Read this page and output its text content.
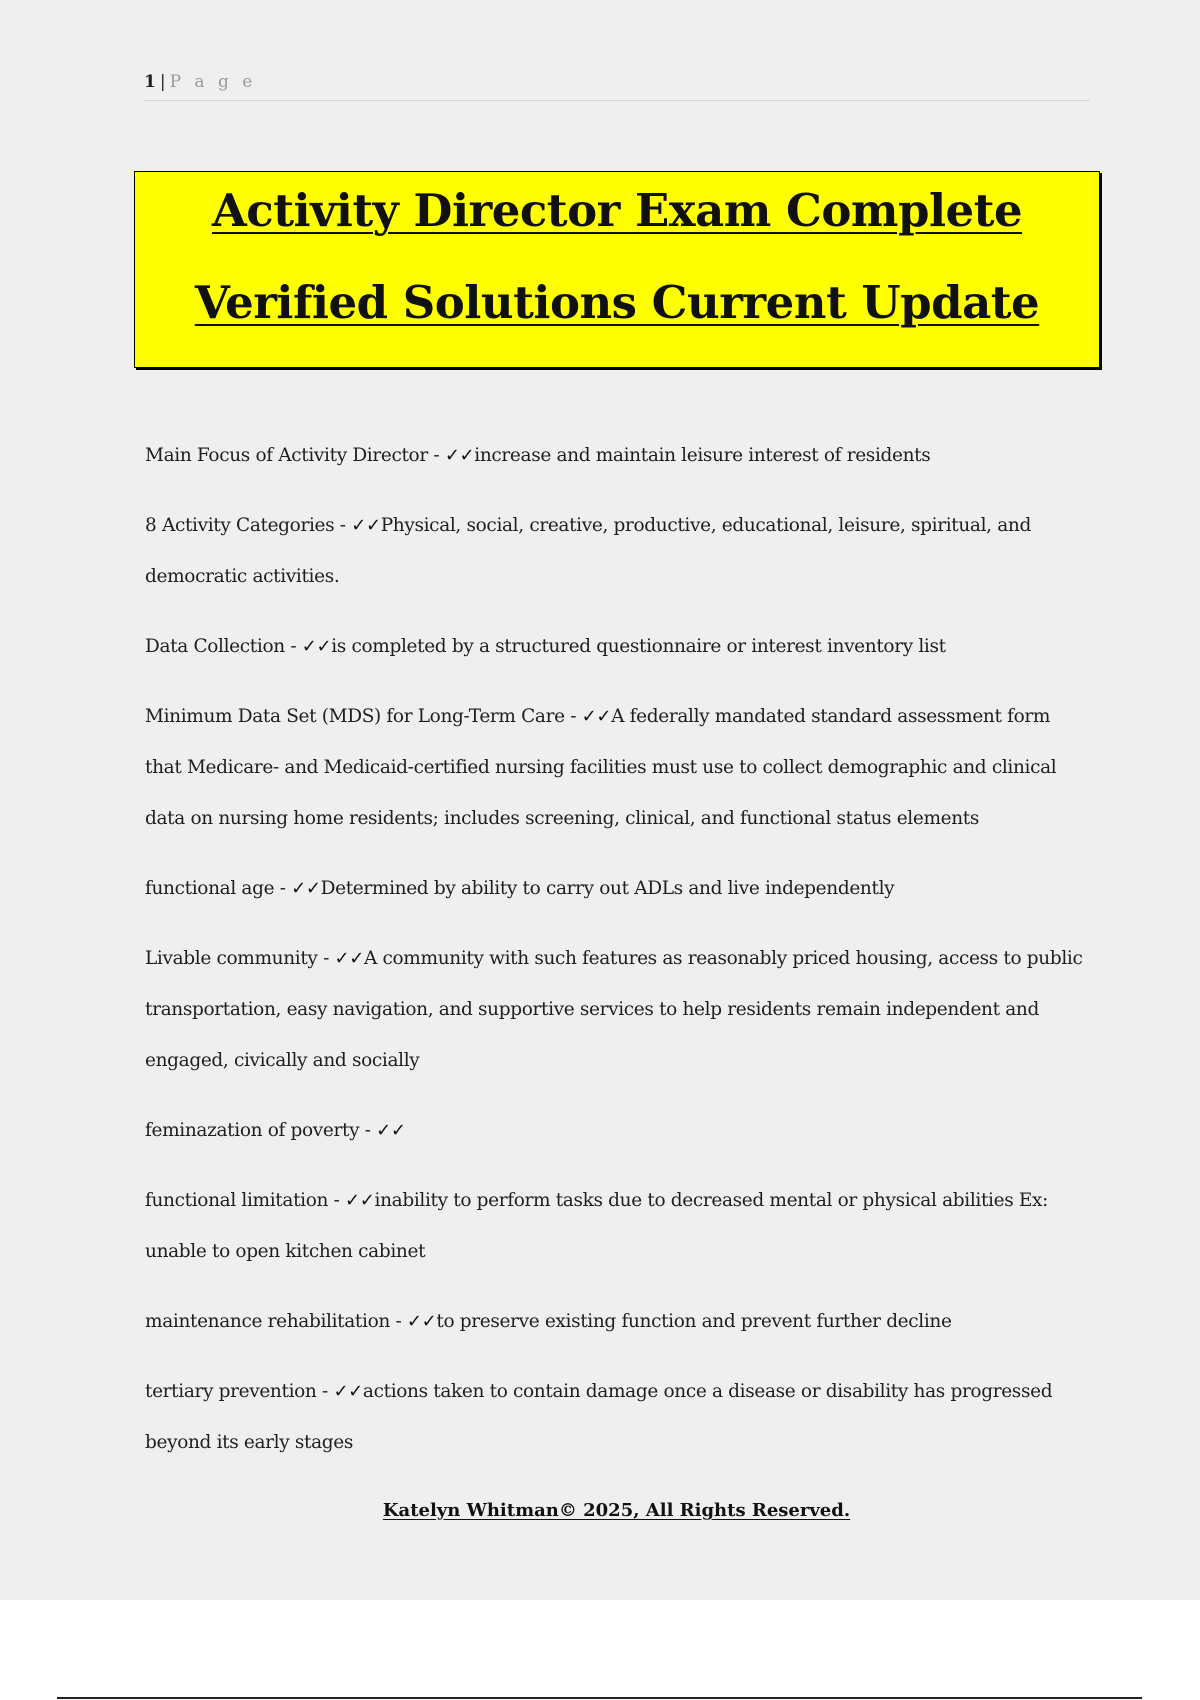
1 | P a g e
Activity Director Exam Complete
Verified Solutions Current Update

Main Focus of Activity Director - ✓✓increase and maintain leisure interest of residents

8 Activity Categories - ✓✓Physical, social, creative, productive, educational, leisure, spiritual, and democratic activities.

Data Collection - ✓✓is completed by a structured questionnaire or interest inventory list

Minimum Data Set (MDS) for Long-Term Care - ✓✓A federally mandated standard assessment form that Medicare- and Medicaid-certified nursing facilities must use to collect demographic and clinical data on nursing home residents; includes screening, clinical, and functional status elements

functional age - ✓✓Determined by ability to carry out ADLs and live independently

Livable community - ✓✓A community with such features as reasonably priced housing, access to public transportation, easy navigation, and supportive services to help residents remain independent and engaged, civically and socially

feminazation of poverty - ✓✓

functional limitation - ✓✓inability to perform tasks due to decreased mental or physical abilities Ex: unable to open kitchen cabinet

maintenance rehabilitation - ✓✓to preserve existing function and prevent further decline

tertiary prevention - ✓✓actions taken to contain damage once a disease or disability has progressed beyond its early stages

Katelyn Whitman© 2025, All Rights Reserved.
